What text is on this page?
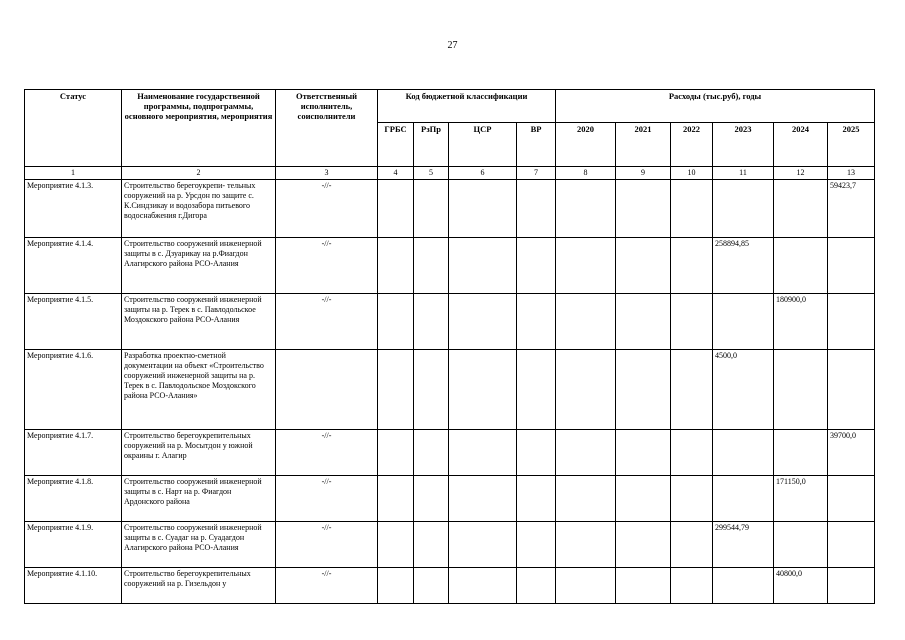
27
Статус	Наименование государственной программы, подпрограммы, основного мероприятия, мероприятия	Ответственный исполнитель, соисполнители	Код бюджетной классификации				Расходы (тыс.руб), годы					
			ГРБС	РзПр	ЦСР	ВР	2020	2021	2022	2023	2024	2025
1	2	3	4	5	6	7	8	9	10	11	12	13
Мероприятие 4.1.3.	Строительство берегоукрепи- тельных сооружений на р. Урсдон по защите с. К.Синдзикау и водозабора питьевого водоснабжения г.Дигора	-//-										59423,7
Мероприятие 4.1.4.	Строительство сооружений инженерной защиты в с. Дзуарикау на р.Фиагдон Алагирского района РСО-Алания	-//-								258894,85		
Мероприятие 4.1.5.	Строительство сооружений инженерной защиты на р. Терек в с. Павлодольское Моздокского района РСО-Алания	-//-									180900,0	
Мероприятие 4.1.6.	Разработка проектно-сметной документации на объект «Строительство сооружений инженерной защиты на р. Терек в с. Павлодольское Моздокского района РСО-Алания»									4500,0		
Мероприятие 4.1.7.	Строительство берегоукрепительных сооружений на р. Мосытдон у южной окраины г. Алагир	-//-										39700,0
Мероприятие 4.1.8.	Строительство сооружений инженерной защиты в с. Нарт на р. Фиагдон Ардонского района	-//-									171150,0	
Мероприятие 4.1.9.	Строительство сооружений инженерной защиты в с. Суадаг на р. Суадагдон Алагирского района РСО-Алания	-//-								299544,79		
Мероприятие 4.1.10.	Строительство берегоукрепительных сооружений на р. Гизельдон у	-//-									40800,0	
